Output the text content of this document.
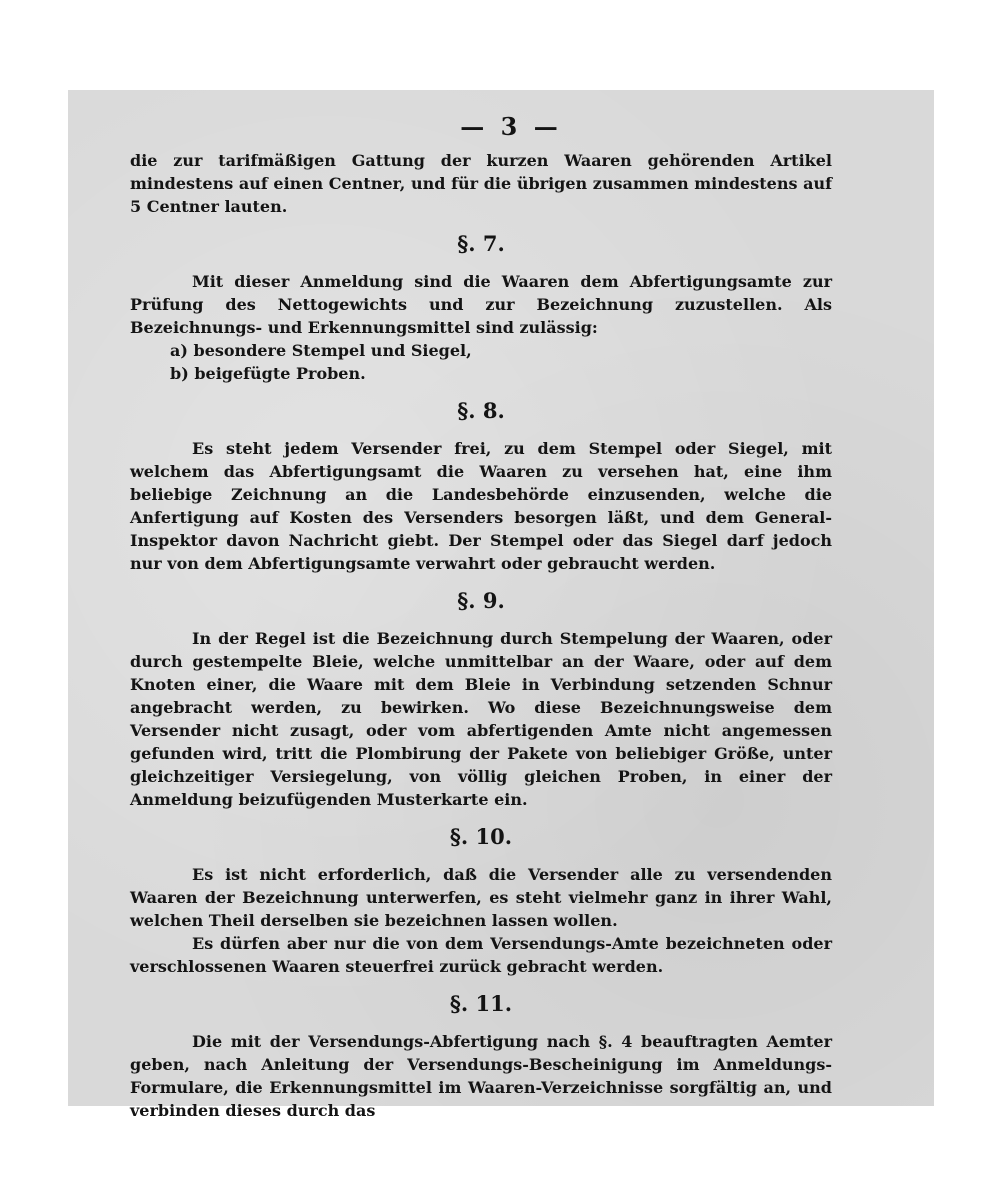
— 3 —

die zur tarifmäßigen Gattung der kurzen Waaren gehörenden Artikel mindestens auf einen Centner, und für die übrigen zusammen mindestens auf 5 Centner lauten.

§. 7.

Mit dieser Anmeldung sind die Waaren dem Abfertigungsamte zur Prüfung des Nettogewichts und zur Bezeichnung zuzustellen. Als Bezeichnungs- und Erkennungsmittel sind zulässig:

a) besondere Stempel und Siegel,
b) beigefügte Proben.
§. 8.

Es steht jedem Versender frei, zu dem Stempel oder Siegel, mit welchem das Abfertigungsamt die Waaren zu versehen hat, eine ihm beliebige Zeichnung an die Landesbehörde einzusenden, welche die Anfertigung auf Kosten des Versenders besorgen läßt, und dem General-Inspektor davon Nachricht giebt. Der Stempel oder das Siegel darf jedoch nur von dem Abfertigungsamte verwahrt oder gebraucht werden.

§. 9.

In der Regel ist die Bezeichnung durch Stempelung der Waaren, oder durch gestempelte Bleie, welche unmittelbar an der Waare, oder auf dem Knoten einer, die Waare mit dem Bleie in Verbindung setzenden Schnur angebracht werden, zu bewirken. Wo diese Bezeichnungsweise dem Versender nicht zusagt, oder vom abfertigenden Amte nicht angemessen gefunden wird, tritt die Plombirung der Pakete von beliebiger Größe, unter gleichzeitiger Versiegelung, von völlig gleichen Proben, in einer der Anmeldung beizufügenden Musterkarte ein.

§. 10.

Es ist nicht erforderlich, daß die Versender alle zu versendenden Waaren der Bezeichnung unterwerfen, es steht vielmehr ganz in ihrer Wahl, welchen Theil derselben sie bezeichnen lassen wollen.

Es dürfen aber nur die von dem Versendungs-Amte bezeichneten oder verschlossenen Waaren steuerfrei zurück gebracht werden.

§. 11.

Die mit der Versendungs-Abfertigung nach §. 4 beauftragten Aemter geben, nach Anleitung der Versendungs-Bescheinigung im Anmeldungs-Formulare, die Erkennungsmittel im Waaren-Verzeichnisse sorgfältig an, und verbinden dieses durch das
